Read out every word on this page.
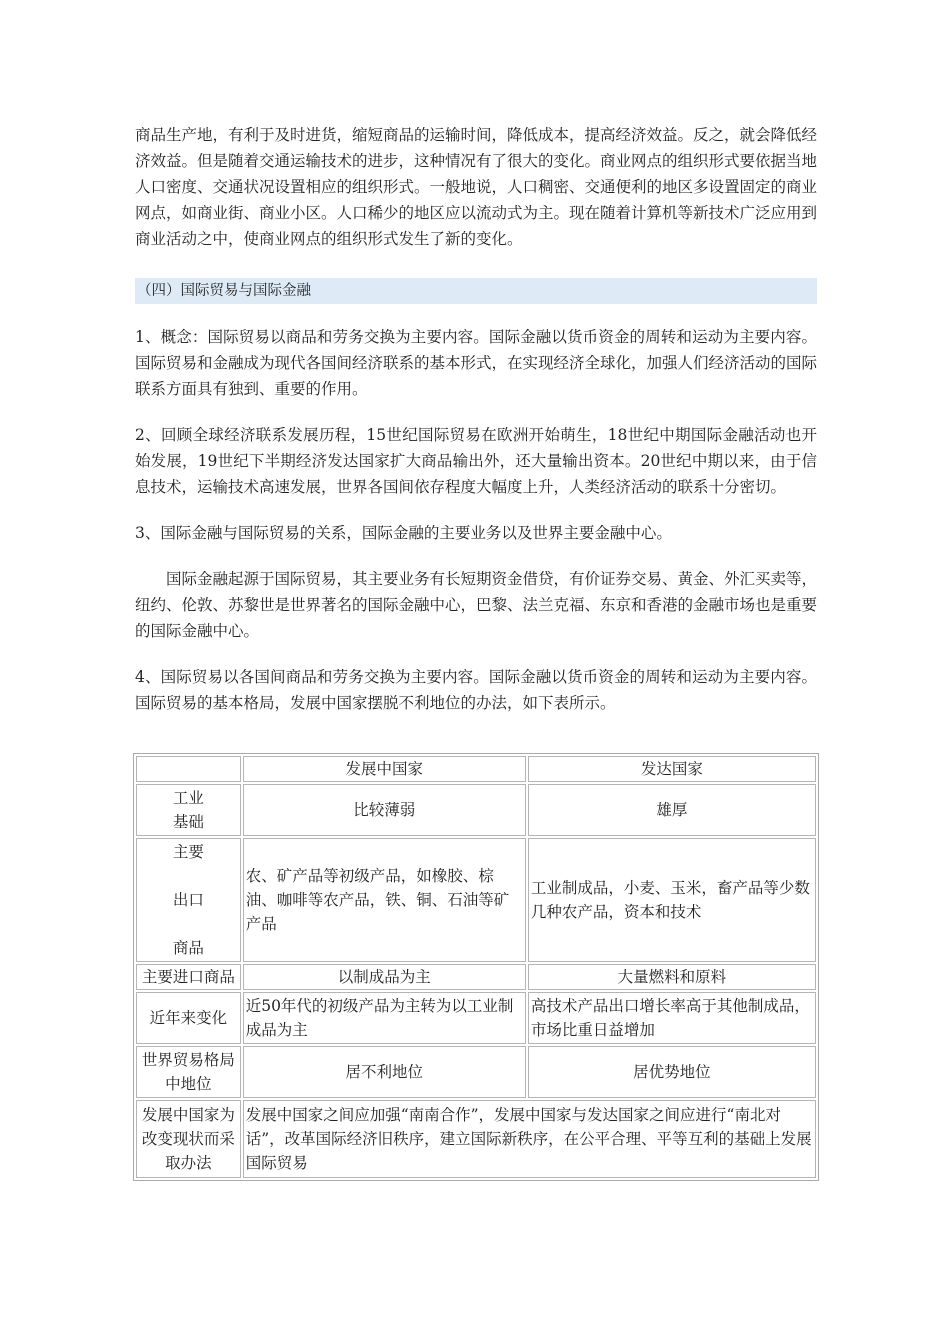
商品生产地，有利于及时进货，缩短商品的运输时间，降低成本，提高经济效益。反之，就会降低经济效益。但是随着交通运输技术的进步，这种情况有了很大的变化。商业网点的组织形式要依据当地人口密度、交通状况设置相应的组织形式。一般地说，人口稠密、交通便利的地区多设置固定的商业网点，如商业街、商业小区。人口稀少的地区应以流动式为主。现在随着计算机等新技术广泛应用到商业活动之中，使商业网点的组织形式发生了新的变化。

（四）国际贸易与国际金融

1、概念：国际贸易以商品和劳务交换为主要内容。国际金融以货币资金的周转和运动为主要内容。国际贸易和金融成为现代各国间经济联系的基本形式，在实现经济全球化，加强人们经济活动的国际联系方面具有独到、重要的作用。

2、回顾全球经济联系发展历程，15世纪国际贸易在欧洲开始萌生，18世纪中期国际金融活动也开始发展，19世纪下半期经济发达国家扩大商品输出外，还大量输出资本。20世纪中期以来，由于信息技术，运输技术高速发展，世界各国间依存程度大幅度上升，人类经济活动的联系十分密切。

3、国际金融与国际贸易的关系，国际金融的主要业务以及世界主要金融中心。

国际金融起源于国际贸易，其主要业务有长短期资金借贷，有价证券交易、黄金、外汇买卖等，纽约、伦敦、苏黎世是世界著名的国际金融中心，巴黎、法兰克福、东京和香港的金融市场也是重要的国际金融中心。

4、国际贸易以各国间商品和劳务交换为主要内容。国际金融以货币资金的周转和运动为主要内容。国际贸易的基本格局，发展中国家摆脱不利地位的办法，如下表所示。

	发展中国家	发达国家
工业
基础	比较薄弱	雄厚
主要

出口

商品	农、矿产品等初级产品，如橡胶、棕油、咖啡等农产品，铁、铜、石油等矿产品	工业制成品，小麦、玉米，畜产品等少数几种农产品，资本和技术
主要进口商品	以制成品为主	大量燃料和原料
近年来变化	近50年代的初级产品为主转为以工业制成品为主	高技术产品出口增长率高于其他制成品，市场比重日益增加
世界贸易格局中地位	居不利地位	居优势地位
发展中国家为改变现状而采取办法	发展中国家之间应加强“南南合作”，发展中国家与发达国家之间应进行“南北对话”，改革国际经济旧秩序，建立国际新秩序，在公平合理、平等互利的基础上发展国际贸易	
